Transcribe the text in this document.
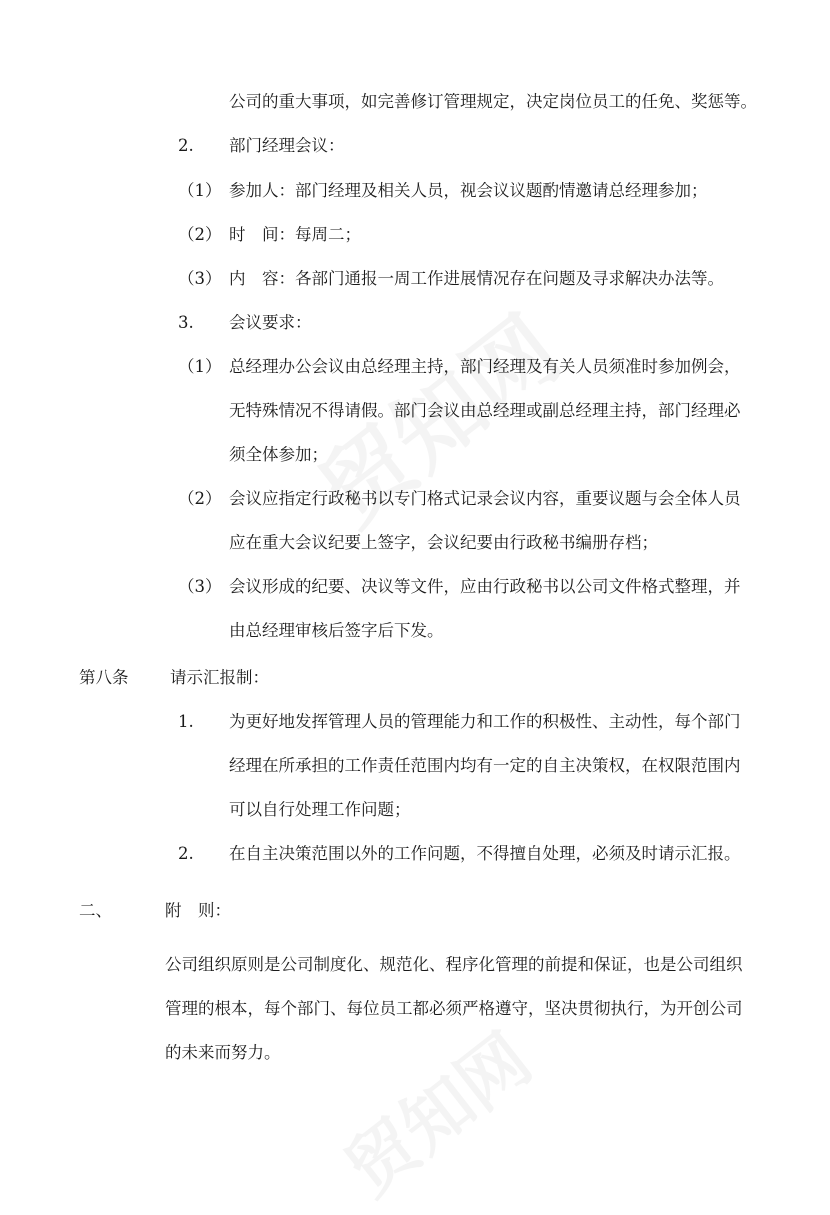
公司的重大事项，如完善修订管理规定，决定岗位员工的任免、奖惩等。
2. 部门经理会议：
（1） 参加人：部门经理及相关人员，视会议议题酌情邀请总经理参加；
（2） 时　间：每周二；
（3） 内　容：各部门通报一周工作进展情况存在问题及寻求解决办法等。
3. 会议要求：
（1） 总经理办公会议由总经理主持，部门经理及有关人员须准时参加例会，
无特殊情况不得请假。部门会议由总经理或副总经理主持，部门经理必
须全体参加；
（2） 会议应指定行政秘书以专门格式记录会议内容，重要议题与会全体人员
应在重大会议纪要上签字，会议纪要由行政秘书编册存档；
（3） 会议形成的纪要、决议等文件，应由行政秘书以公司文件格式整理，并
由总经理审核后签字后下发。
第八条	请示汇报制：
1. 为更好地发挥管理人员的管理能力和工作的积极性、主动性，每个部门
经理在所承担的工作责任范围内均有一定的自主决策权，在权限范围内
可以自行处理工作问题；
2. 在自主决策范围以外的工作问题，不得擅自处理，必须及时请示汇报。
二、	附　则：
公司组织原则是公司制度化、规范化、程序化管理的前提和保证，也是公司组织
管理的根本，每个部门、每位员工都必须严格遵守，坚决贯彻执行，为开创公司
的未来而努力。
